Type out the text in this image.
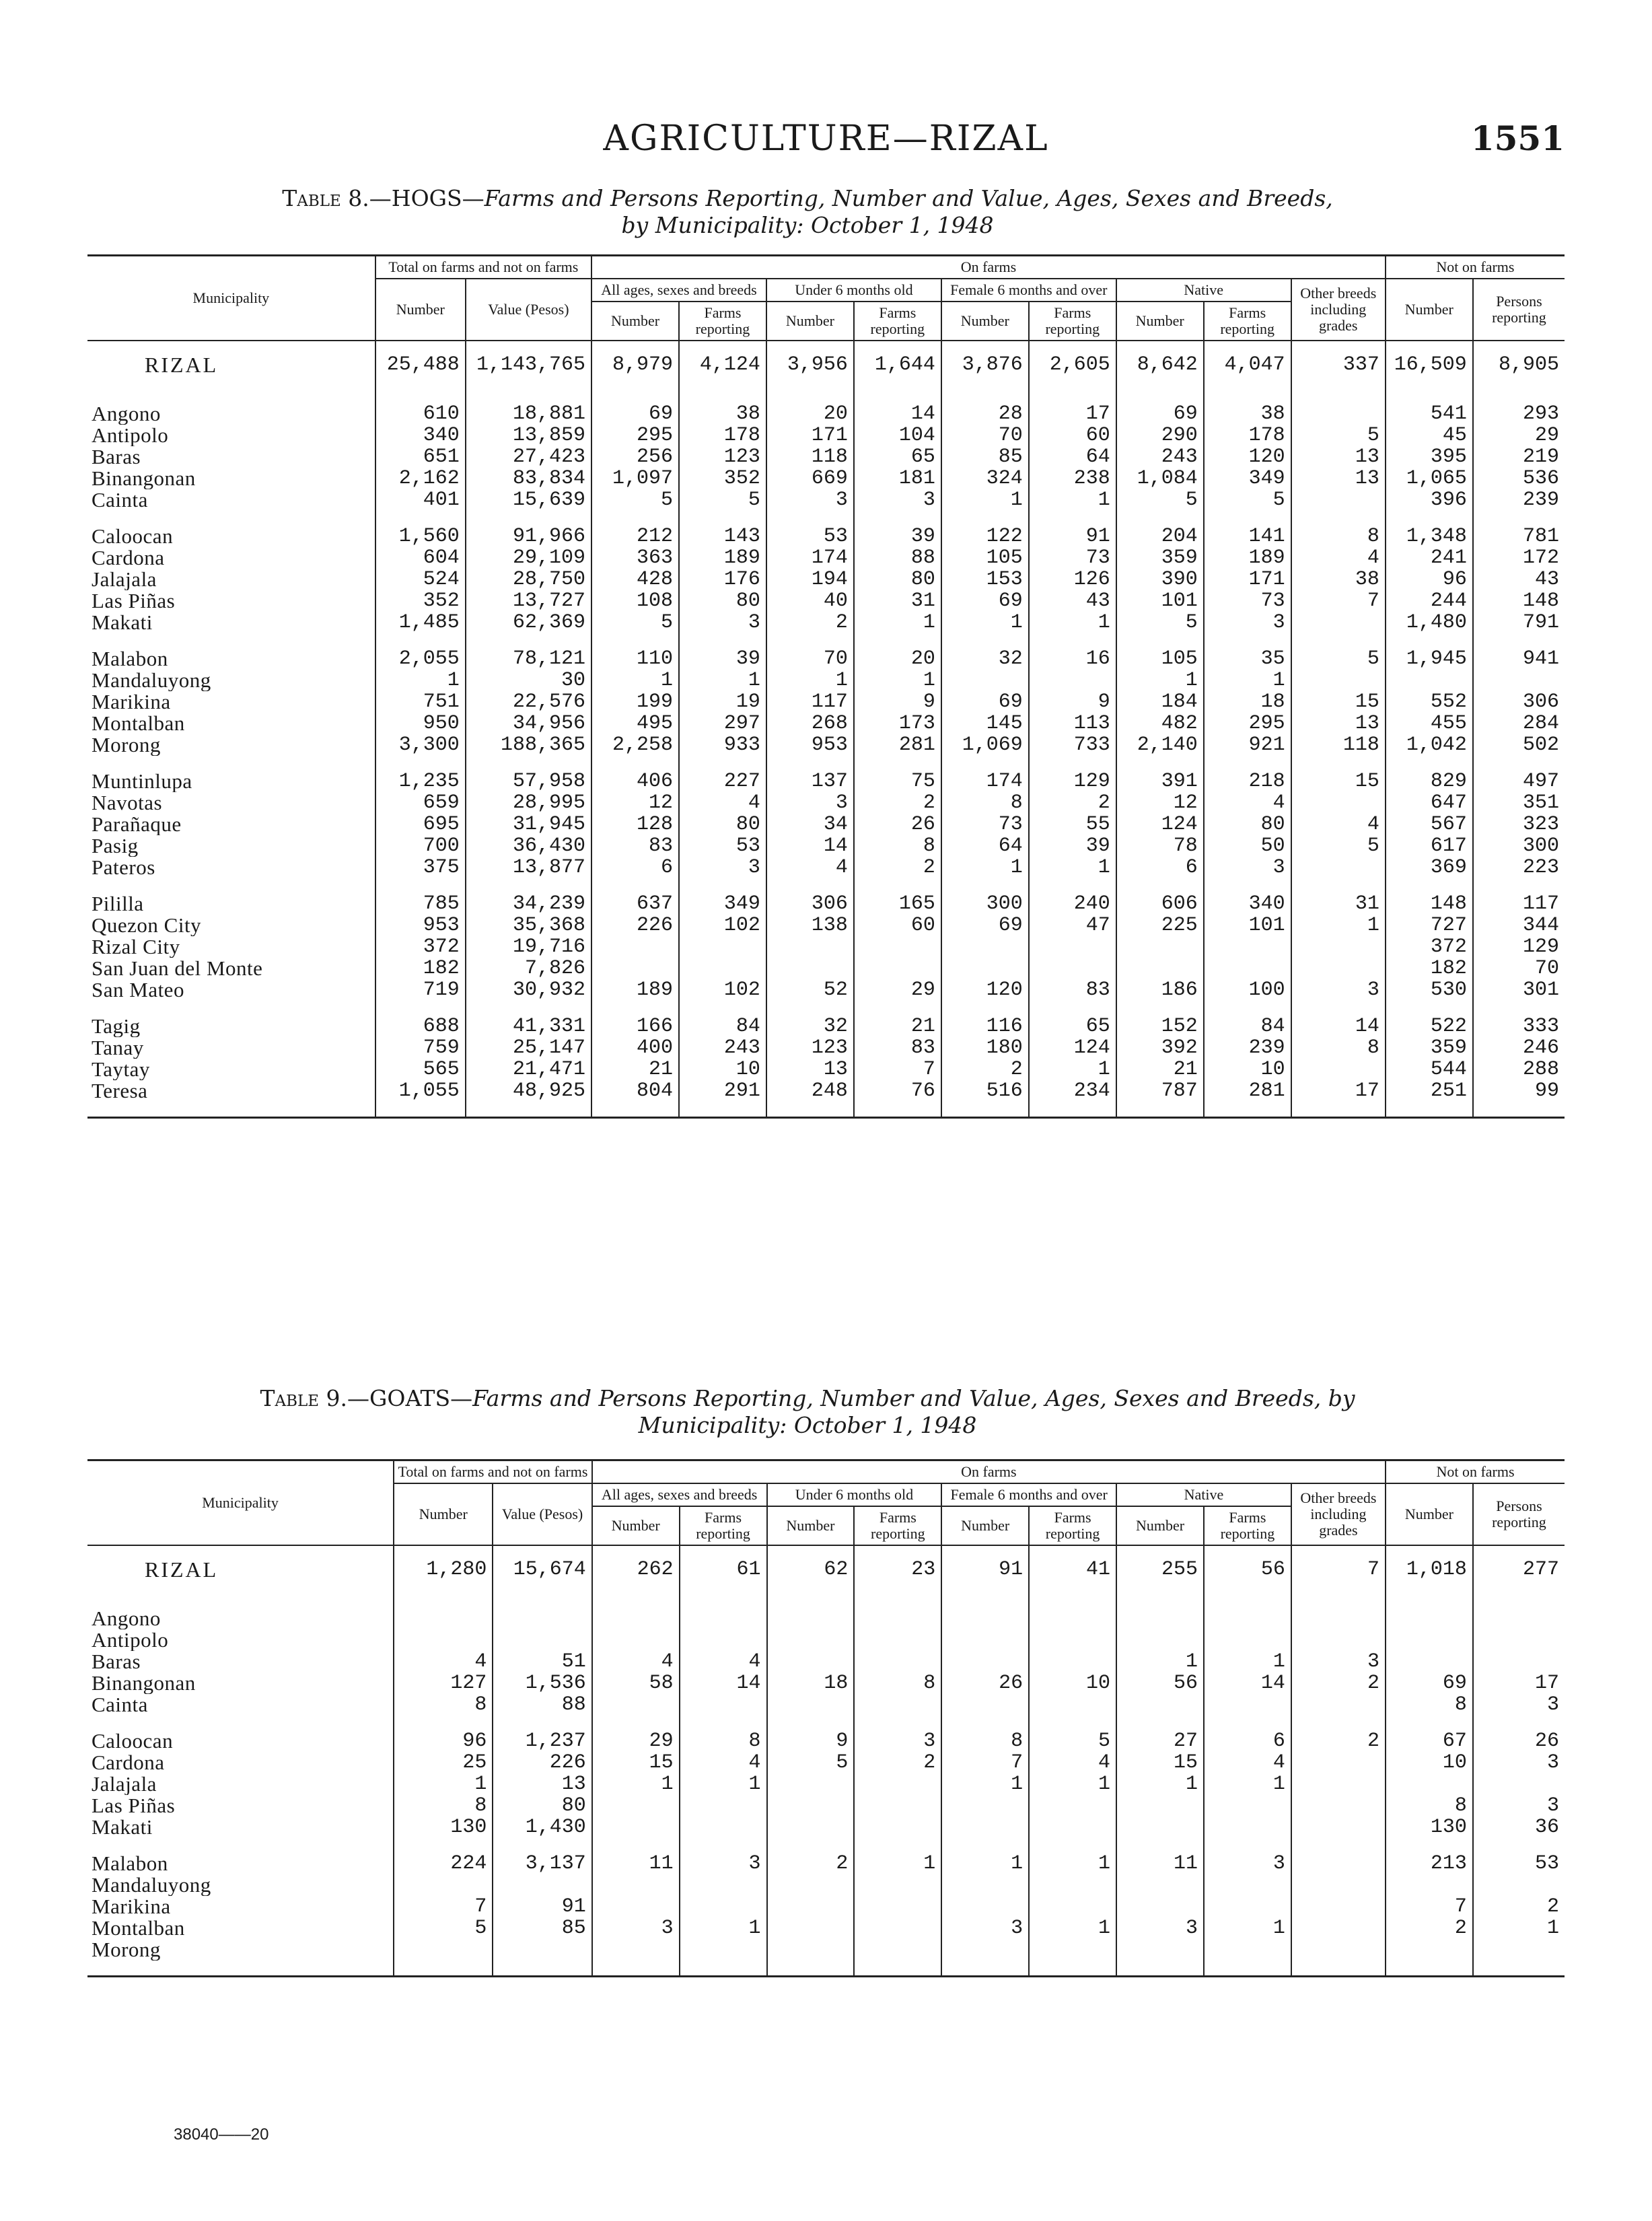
AGRICULTURE—RIZAL	1551
Table 8.—HOGS—Farms and Persons Reporting, Number and Value, Ages, Sexes and Breeds,
by Municipality: October 1, 1948
Municipality	Total on farms and not on farms		On farms									Not on farms	
	Number	Value (Pesos)	All ages, sexes and breeds		Under 6 months old		Female 6 months and over		Native		Other breeds including grades	Number	Persons reporting
			Number	Farms reporting	Number	Farms reporting	Number	Farms reporting	Number	Farms reporting			
RIZAL	25,488	1,143,765	8,979	4,124	3,956	1,644	3,876	2,605	8,642	4,047	337	16,509	8,905

Angono	610	18,881	69	38	20	14	28	17	69	38		541	293
Antipolo	340	13,859	295	178	171	104	70	60	290	178	5	45	29
Baras	651	27,423	256	123	118	65	85	64	243	120	13	395	219
Binangonan	2,162	83,834	1,097	352	669	181	324	238	1,084	349	13	1,065	536
Cainta	401	15,639	5	5	3	3	1	1	5	5		396	239

Caloocan	1,560	91,966	212	143	53	39	122	91	204	141	8	1,348	781
Cardona	604	29,109	363	189	174	88	105	73	359	189	4	241	172
Jalajala	524	28,750	428	176	194	80	153	126	390	171	38	96	43
Las Piñas	352	13,727	108	80	40	31	69	43	101	73	7	244	148
Makati	1,485	62,369	5	3	2	1	1	1	5	3		1,480	791

Malabon	2,055	78,121	110	39	70	20	32	16	105	35	5	1,945	941
Mandaluyong	1	30	1	1	1	1			1	1			
Marikina	751	22,576	199	19	117	9	69	9	184	18	15	552	306
Montalban	950	34,956	495	297	268	173	145	113	482	295	13	455	284
Morong	3,300	188,365	2,258	933	953	281	1,069	733	2,140	921	118	1,042	502

Muntinlupa	1,235	57,958	406	227	137	75	174	129	391	218	15	829	497
Navotas	659	28,995	12	4	3	2	8	2	12	4		647	351
Parañaque	695	31,945	128	80	34	26	73	55	124	80	4	567	323
Pasig	700	36,430	83	53	14	8	64	39	78	50	5	617	300
Pateros	375	13,877	6	3	4	2	1	1	6	3		369	223

Pililla	785	34,239	637	349	306	165	300	240	606	340	31	148	117
Quezon City	953	35,368	226	102	138	60	69	47	225	101	1	727	344
Rizal City	372	19,716										372	129
San Juan del Monte	182	7,826										182	70
San Mateo	719	30,932	189	102	52	29	120	83	186	100	3	530	301

Tagig	688	41,331	166	84	32	21	116	65	152	84	14	522	333
Tanay	759	25,147	400	243	123	83	180	124	392	239	8	359	246
Taytay	565	21,471	21	10	13	7	2	1	21	10		544	288
Teresa	1,055	48,925	804	291	248	76	516	234	787	281	17	251	99

Table 9.—GOATS—Farms and Persons Reporting, Number and Value, Ages, Sexes and Breeds, by
Municipality: October 1, 1948
Municipality	Total on farms and not on farms		On farms									Not on farms	
	Number	Value (Pesos)	All ages, sexes and breeds		Under 6 months old		Female 6 months and over		Native		Other breeds including grades	Number	Persons reporting
			Number	Farms reporting	Number	Farms reporting	Number	Farms reporting	Number	Farms reporting			
RIZAL	1,280	15,674	262	61	62	23	91	41	255	56	7	1,018	277

Angono													
Antipolo													
Baras	4	51	4	4					1	1	3		
Binangonan	127	1,536	58	14	18	8	26	10	56	14	2	69	17
Cainta	8	88										8	3

Caloocan	96	1,237	29	8	9	3	8	5	27	6	2	67	26
Cardona	25	226	15	4	5	2	7	4	15	4		10	3
Jalajala	1	13	1	1			1	1	1	1			
Las Piñas	8	80										8	3
Makati	130	1,430										130	36

Malabon	224	3,137	11	3	2	1	1	1	11	3		213	53
Mandaluyong													
Marikina	7	91										7	2
Montalban	5	85	3	1			3	1	3	1		2	1
Morong													

38040——20
